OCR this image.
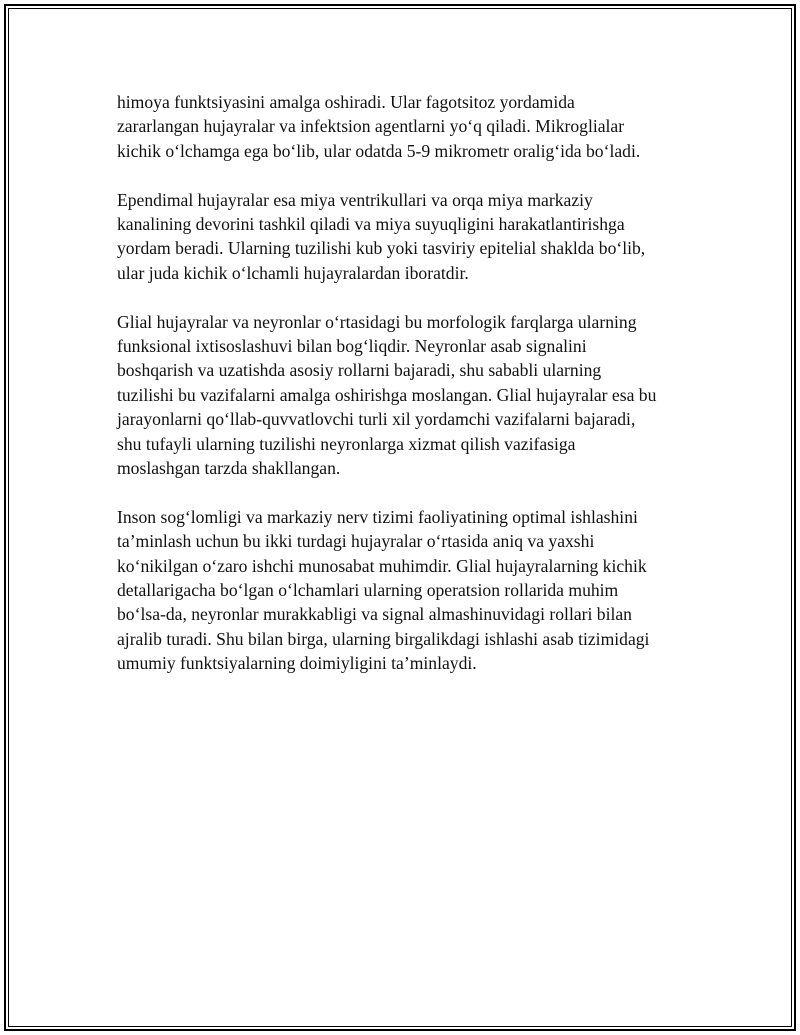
himoya funktsiyasini amalga oshiradi. Ular fagotsitoz yordamida
zararlangan hujayralar va infektsion agentlarni yo‘q qiladi. Mikroglialar
kichik o‘lchamga ega bo‘lib, ular odatda 5-9 mikrometr oralig‘ida bo‘ladi.

Ependimal hujayralar esa miya ventrikullari va orqa miya markaziy
kanalining devorini tashkil qiladi va miya suyuqligini harakatlantirishga
yordam beradi. Ularning tuzilishi kub yoki tasviriy epitelial shaklda bo‘lib,
ular juda kichik o‘lchamli hujayralardan iboratdir.

Glial hujayralar va neyronlar o‘rtasidagi bu morfologik farqlarga ularning
funksional ixtisoslashuvi bilan bog‘liqdir. Neyronlar asab signalini
boshqarish va uzatishda asosiy rollarni bajaradi, shu sababli ularning
tuzilishi bu vazifalarni amalga oshirishga moslangan. Glial hujayralar esa bu
jarayonlarni qo‘llab-quvvatlovchi turli xil yordamchi vazifalarni bajaradi,
shu tufayli ularning tuzilishi neyronlarga xizmat qilish vazifasiga
moslashgan tarzda shakllangan.

Inson sog‘lomligi va markaziy nerv tizimi faoliyatining optimal ishlashini
ta’minlash uchun bu ikki turdagi hujayralar o‘rtasida aniq va yaxshi
ko‘nikilgan o‘zaro ishchi munosabat muhimdir. Glial hujayralarning kichik
detallarigacha bo‘lgan o‘lchamlari ularning operatsion rollarida muhim
bo‘lsa-da, neyronlar murakkabligi va signal almashinuvidagi rollari bilan
ajralib turadi. Shu bilan birga, ularning birgalikdagi ishlashi asab tizimidagi
umumiy funktsiyalarning doimiyligini ta’minlaydi.
